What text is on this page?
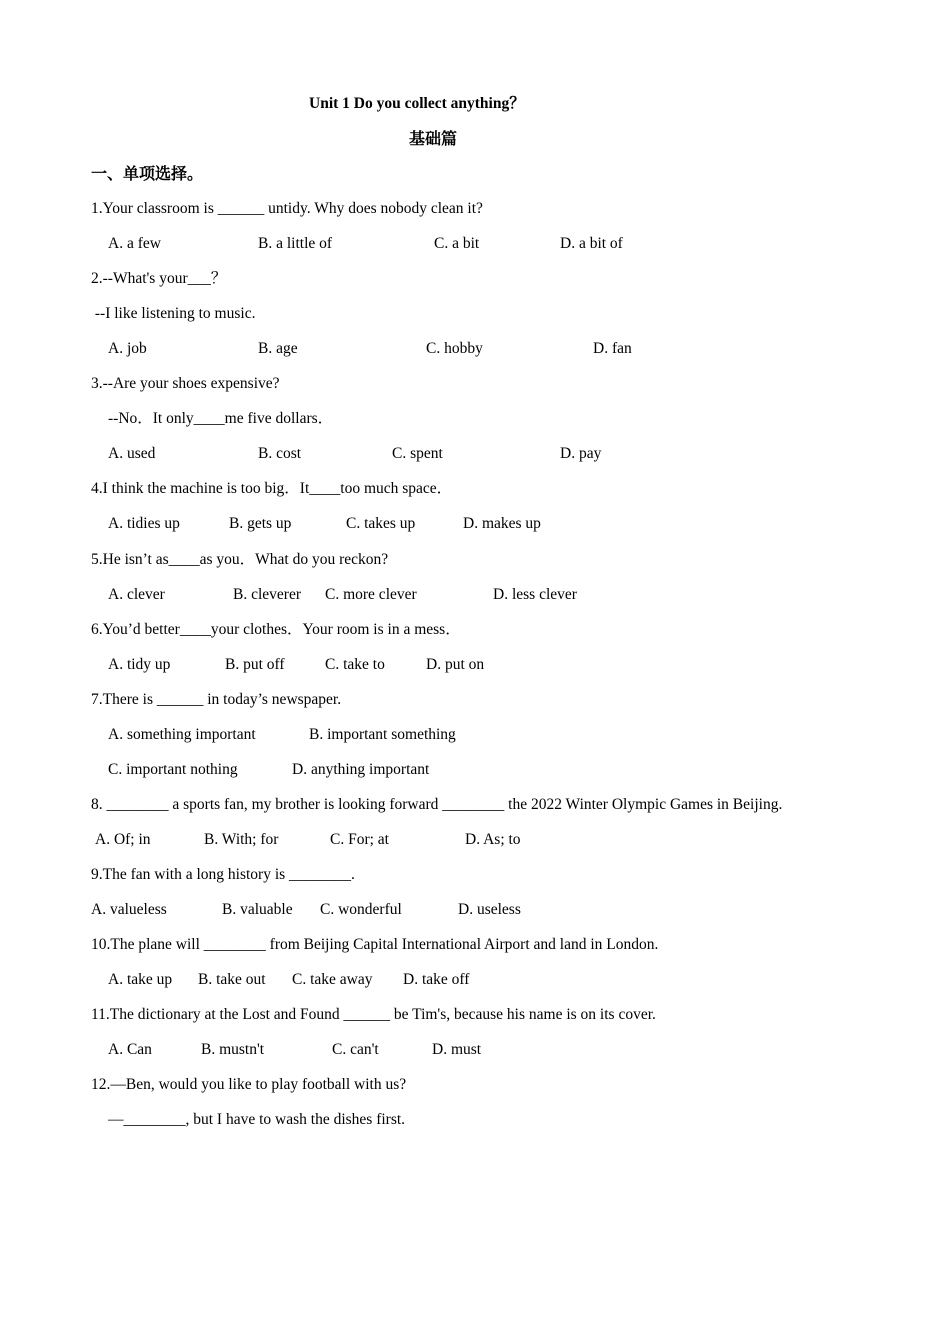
Unit 1 Do you collect anything？
基础篇
一、单项选择。
1.Your classroom is ______ untidy. Why does nobody clean it?
A. a few	B. a little of	C. a bit	D. a bit of
2.--What's your___？
--I like listening to music.
A. job	B. age	C. hobby	D. fan
3.--Are your shoes expensive?
--No．It only____me five dollars．
A. used	B. cost	C. spent	D. pay
4.I think the machine is too big．It____too much space．
A. tidies up	B. gets up	C. takes up	D. makes up
5.He isn’t as____as you．What do you reckon?
A. clever	B. cleverer C. more clever	D. less clever
6.You’d better____your clothes．Your room is in a mess．
A. tidy up	B. put off	C. take to	D. put on
7.There is ______ in today’s newspaper.
A. something important	B. important something
C. important nothing	D. anything important
8. ________ a sports fan, my brother is looking forward ________ the 2022 Winter Olympic Games in Beijing.
A. Of; in	B. With; for	C. For; at	D. As; to
9.The fan with a long history is ________.
A. valueless	B. valuable C. wonderful	D. useless
10.The plane will ________ from Beijing Capital International Airport and land in London.
A. take up B. take out C. take away D. take off
11.The dictionary at the Lost and Found ______ be Tim's, because his name is on its cover.
A. Can	B. mustn't	C. can't	D. must
12.—Ben, would you like to play football with us?
—________, but I have to wash the dishes first.
